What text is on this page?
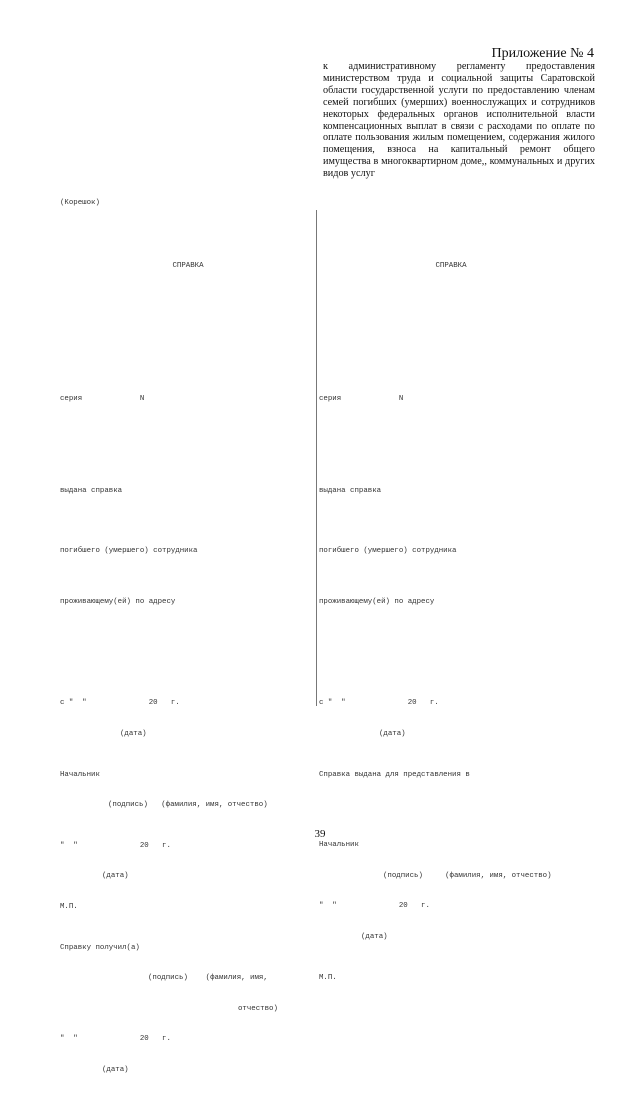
Приложение № 4
к административному регламенту предоставления министерством труда и социальной защиты Саратовской области государственной услуги по предоставлению членам семей погибших (умерших) военнослужащих и сотрудников некоторых федеральных органов исполнительной власти компенсационных выплат в связи с расходами по оплате по оплате пользования жилым помещением, содержания жилого помещения, взноса на капитальный ремонт общего имущества в многоквартирном доме,, коммунальных и других видов услуг
(Корешок)

СПРАВКА

серия             N

выдана справка

погибшего (умершего) сотрудника

проживающему(ей) по адресу

с "  "              20   г.

(дата)

Начальник

(подпись)   (фамилия, имя, отчество)

"  "              20   г.

(дата)

М.П.

Справку получил(а)

(подпись)    (фамилия, имя,

отчество)

"  "              20   г.

(дата)

СПРАВКА

серия             N

выдана справка

погибшего (умершего) сотрудника

проживающему(ей) по адресу

с "  "              20   г.

(дата)

Справка выдана для представления в

Начальник

(подпись)     (фамилия, имя, отчество)

"  "              20   г.

(дата)

М.П.

39
